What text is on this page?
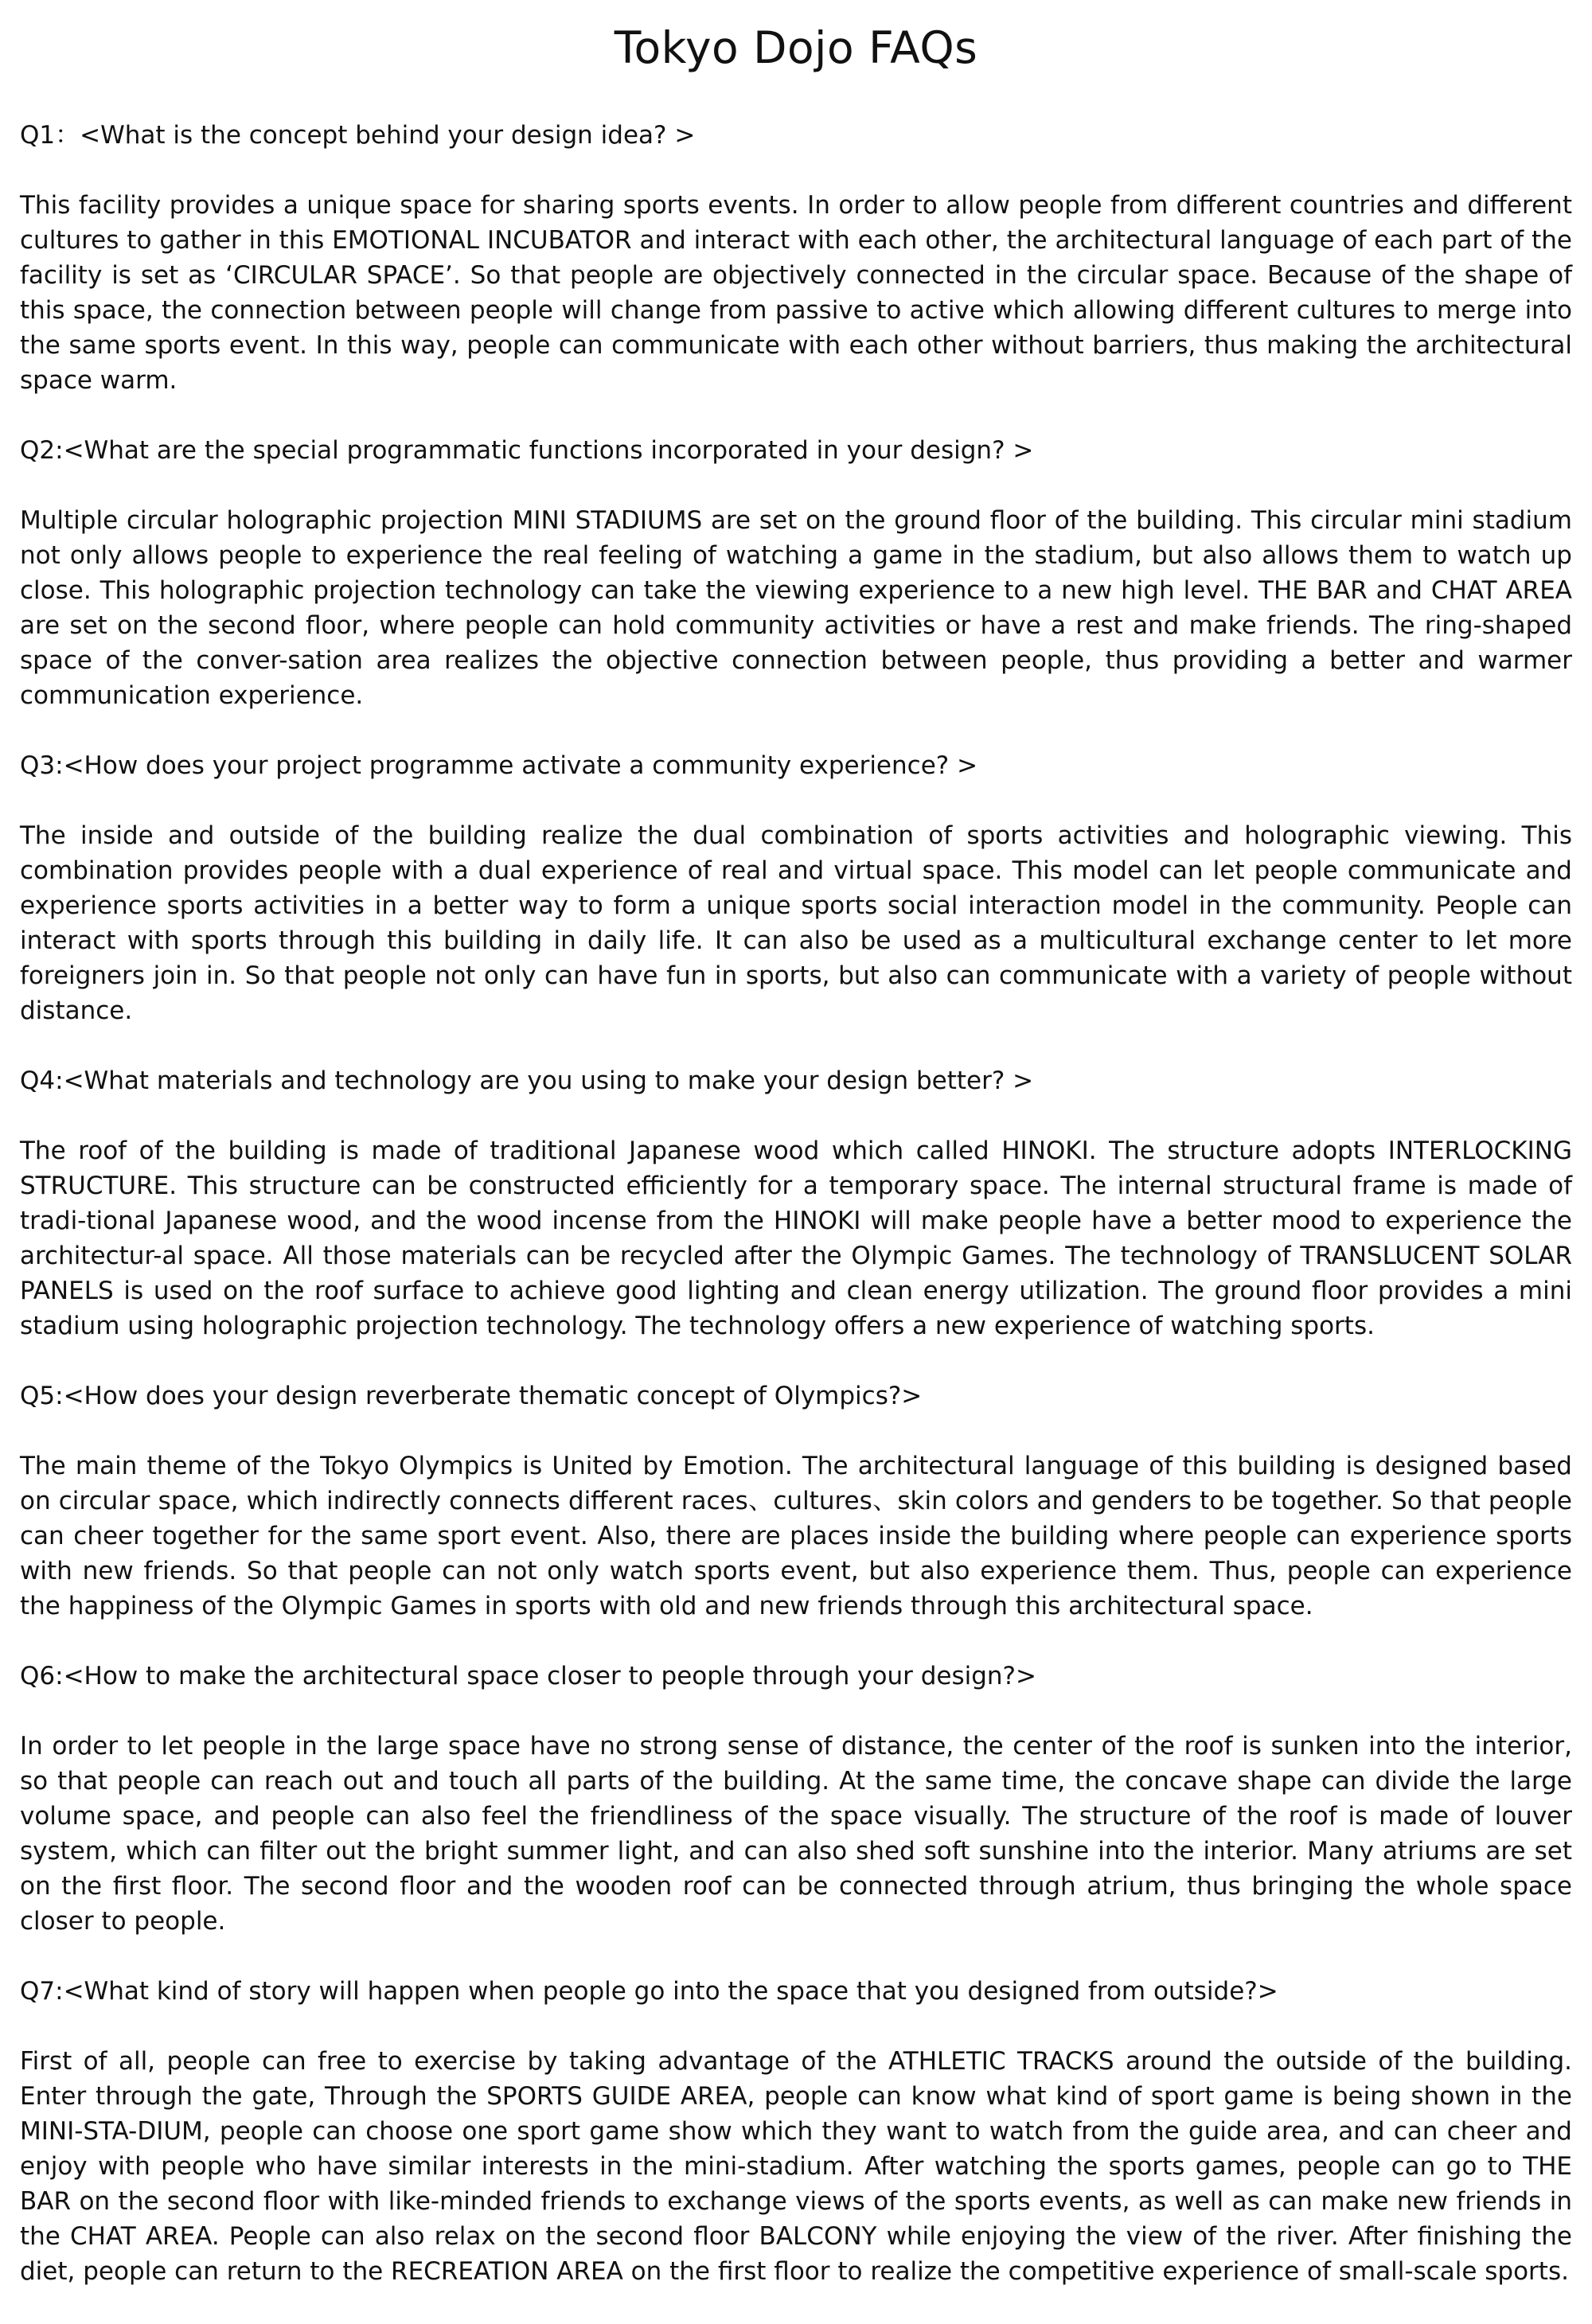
Tokyo Dojo FAQs

Q1：<What is the concept behind your design idea? >

This facility provides a unique space for sharing sports events. In order to allow people from different countries and different cultures to gather in this EMOTIONAL INCUBATOR and interact with each other, the architectural language of each part of the facility is set as ‘CIRCULAR SPACE’. So that people are objectively connected in the circular space. Because of the shape of this space, the connection between people will change from passive to active which allowing different cultures to merge into the same sports event. In this way, people can communicate with each other without barriers, thus making the architectural space warm.

Q2:<What are the special programmatic functions incorporated in your design? >

Multiple circular holographic projection MINI STADIUMS are set on the ground floor of the building. This circular mini stadium not only allows people to experience the real feeling of watching a game in the stadium, but also allows them to watch up close. This holographic projection technology can take the viewing experience to a new high level. THE BAR and CHAT AREA are set on the second floor, where people can hold community activities or have a rest and make friends. The ring-shaped space of the conver-sation area realizes the objective connection between people, thus providing a better and warmer communication experience.

Q3:<How does your project programme activate a community experience? >

The inside and outside of the building realize the dual combination of sports activities and holographic viewing. This combination provides people with a dual experience of real and virtual space. This model can let people communicate and experience sports activities in a better way to form a unique sports social interaction model in the community. People can interact with sports through this building in daily life. It can also be used as a multicultural exchange center to let more foreigners join in. So that people not only can have fun in sports, but also can communicate with a variety of people without distance.

Q4:<What materials and technology are you using to make your design better? >

The roof of the building is made of traditional Japanese wood which called HINOKI. The structure adopts INTERLOCKING STRUCTURE. This structure can be constructed efficiently for a temporary space. The internal structural frame is made of tradi-tional Japanese wood, and the wood incense from the HINOKI will make people have a better mood to experience the architectur-al space. All those materials can be recycled after the Olympic Games. The technology of TRANSLUCENT SOLAR PANELS is used on the roof surface to achieve good lighting and clean energy utilization. The ground floor provides a mini stadium using holographic projection technology. The technology offers a new experience of watching sports.

Q5:<How does your design reverberate thematic concept of Olympics?>

The main theme of the Tokyo Olympics is United by Emotion. The architectural language of this building is designed based on circular space, which indirectly connects different races、cultures、skin colors and genders to be together. So that people can cheer together for the same sport event. Also, there are places inside the building where people can experience sports with new friends. So that people can not only watch sports event, but also experience them. Thus, people can experience the happiness of the Olympic Games in sports with old and new friends through this architectural space.

Q6:<How to make the architectural space closer to people through your design?>

In order to let people in the large space have no strong sense of distance, the center of the roof is sunken into the interior, so that people can reach out and touch all parts of the building. At the same time, the concave shape can divide the large volume space, and people can also feel the friendliness of the space visually. The structure of the roof is made of louver system, which can filter out the bright summer light, and can also shed soft sunshine into the interior. Many atriums are set on the first floor. The second floor and the wooden roof can be connected through atrium, thus bringing the whole space closer to people.

Q7:<What kind of story will happen when people go into the space that you designed from outside?>

First of all, people can free to exercise by taking advantage of the ATHLETIC TRACKS around the outside of the building. Enter through the gate, Through the SPORTS GUIDE AREA, people can know what kind of sport game is being shown in the MINI-STA-DIUM, people can choose one sport game show which they want to watch from the guide area, and can cheer and enjoy with people who have similar interests in the mini-stadium. After watching the sports games, people can go to THE BAR on the second floor with like-minded friends to exchange views of the sports events, as well as can make new friends in the CHAT AREA. People can also relax on the second floor BALCONY while enjoying the view of the river. After finishing the diet, people can return to the RECREATION AREA on the first floor to realize the competitive experience of small-scale sports.
